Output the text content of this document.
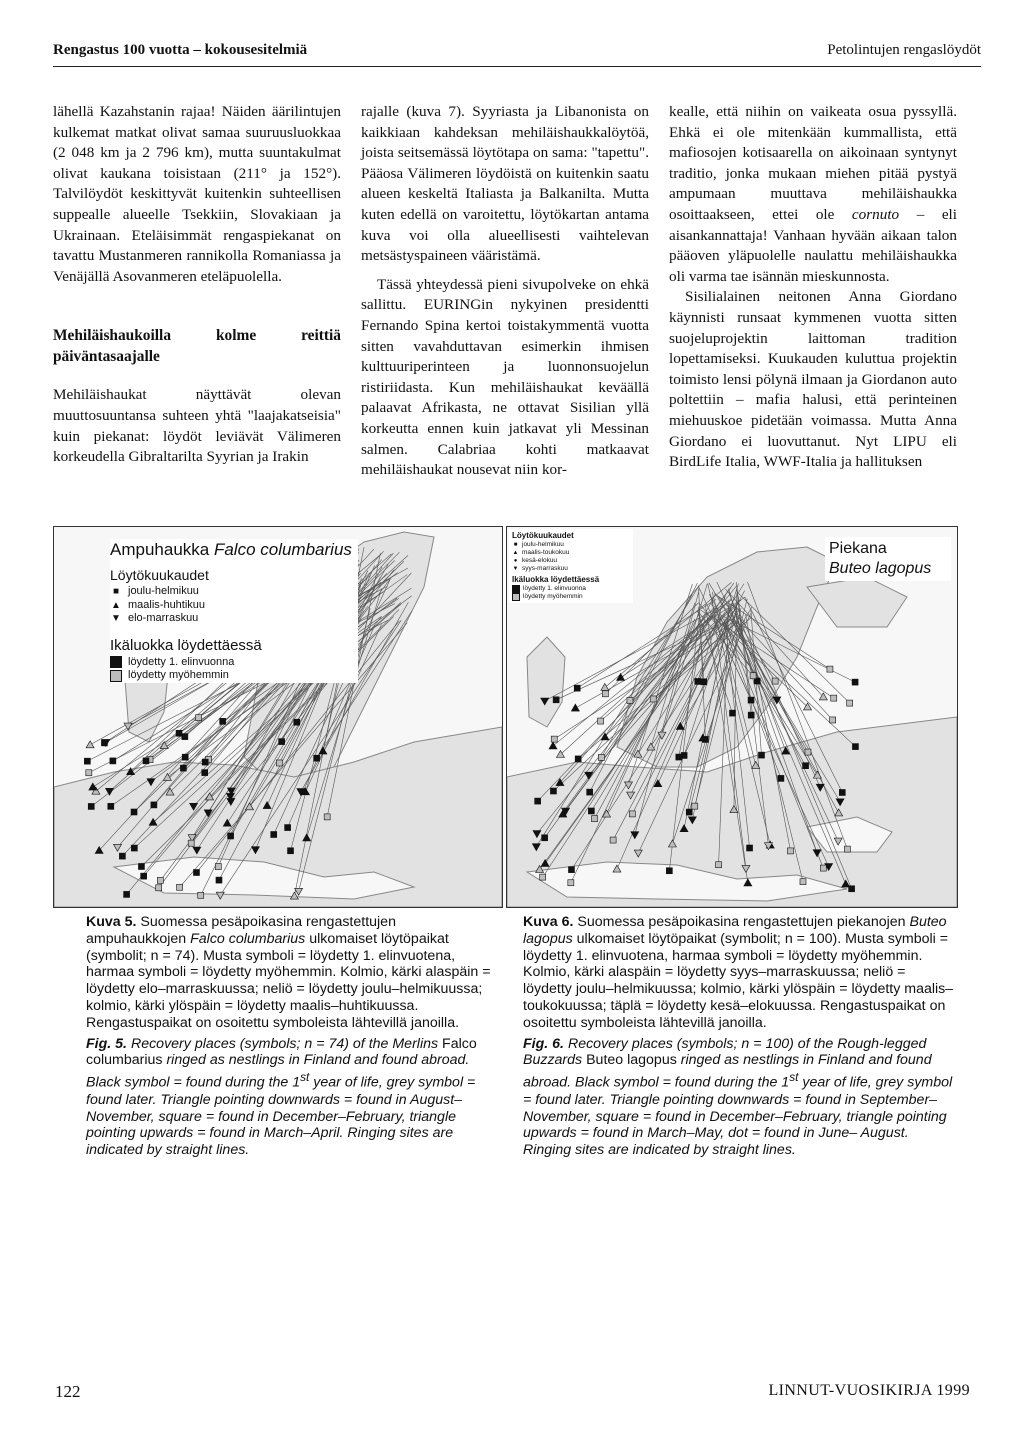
Rengastus 100 vuotta – kokousesitelmiä	Petolintujen rengaslöydöt

lähellä Kazahstanin rajaa! Näiden äärilintujen kulkemat matkat olivat samaa suuruusluokkaa (2 048 km ja 2 796 km), mutta suuntakulmat olivat kaukana toisistaan (211° ja 152°). Talvilöydöt keskittyvät kuitenkin suhteellisen suppealle alueelle Tsekkiin, Slovakiaan ja Ukrainaan. Eteläisimmät rengaspiekanat on tavattu Mustanmeren rannikolla Romaniassa ja Venäjällä Asovanmeren eteläpuolella.

Mehiläishaukoilla kolme reittiä päiväntasaajalle

Mehiläishaukat näyttävät olevan muuttosuuntansa suhteen yhtä "laajakatseisia" kuin piekanat: löydöt leviävät Välimeren korkeudella Gibraltarilta Syyrian ja Irakin

rajalle (kuva 7). Syyriasta ja Libanonista on kaikkiaan kahdeksan mehiläishaukkalöytöä, joista seitsemässä löytötapa on sama: "tapettu". Pääosa Välimeren löydöistä on kuitenkin saatu alueen keskeltä Italiasta ja Balkanilta. Mutta kuten edellä on varoitettu, löytökartan antama kuva voi olla alueellisesti vaihtelevan metsästyspaineen vääristämä.

Tässä yhteydessä pieni sivupolveke on ehkä sallittu. EURINGin nykyinen presidentti Fernando Spina kertoi toistakymmentä vuotta sitten vavahduttavan esimerkin ihmisen kulttuuriperinteen ja luonnonsuojelun ristiriidasta. Kun mehiläishaukat keväällä palaavat Afrikasta, ne ottavat Sisilian yllä korkeutta ennen kuin jatkavat yli Messinan salmen. Calabriaa kohti matkaavat mehiläishaukat nousevat niin kor-

kealle, että niihin on vaikeata osua pyssyllä. Ehkä ei ole mitenkään kummallista, että mafiosojen kotisaarella on aikoinaan syntynyt traditio, jonka mukaan miehen pitää pystyä ampumaan muuttava mehiläishaukka osoittaakseen, ettei ole cornuto – eli aisankannattaja! Vanhaan hyvään aikaan talon pääoven yläpuolelle naulattu mehiläishaukka oli varma tae isännän mieskunnosta.

Sisilialainen neitonen Anna Giordano käynnisti runsaat kymmenen vuotta sitten suojeluprojektin laittoman tradition lopettamiseksi. Kuukauden kuluttua projektin toimisto lensi pölynä ilmaan ja Giordanon auto poltettiin – mafia halusi, että perinteinen miehuuskoe pidetään voimassa. Mutta Anna Giordano ei luovuttanut. Nyt LIPU eli BirdLife Italia, WWF-Italia ja hallituksen

Ampuhaukka Falco columbarius
Löytökuukaudet
■ joulu-helmikuu
▲ maalis-huhtikuu
▼ elo-marraskuu
Ikäluokka löydettäessä
löydetty 1. elinvuonna
löydetty myöhemmin
Löytökuukaudet
■ joulu-helmikuu
▲ maalis-toukokuu
● kesä-elokuu
▼ syys-marraskuu
Ikäluokka löydettäessä
löydetty 1. elinvuonna
löydetty myöhemmin
Piekana
Buteo lagopus

Kuva 5. Suomessa pesäpoikasina rengastettujen ampuhaukkojen Falco columbarius ulkomaiset löytöpaikat (symbolit; n = 74). Musta symboli = löydetty 1. elinvuotena, harmaa symboli = löydetty myöhemmin. Kolmio, kärki alaspäin = löydetty elo–marraskuussa; neliö = löydetty joulu–helmikuussa; kolmio, kärki ylöspäin = löydetty maalis–huhtikuussa. Rengastuspaikat on osoitettu symboleista lähtevillä janoilla.

Fig. 5. Recovery places (symbols; n = 74) of the Merlins Falco columbarius ringed as nestlings in Finland and found abroad. Black symbol = found during the 1st year of life, grey symbol = found later. Triangle pointing downwards = found in August–November, square = found in December–February, triangle pointing upwards = found in March–April. Ringing sites are indicated by straight lines.

Kuva 6. Suomessa pesäpoikasina rengastettujen piekanojen Buteo lagopus ulkomaiset löytöpaikat (symbolit; n = 100). Musta symboli = löydetty 1. elinvuotena, harmaa symboli = löydetty myöhemmin. Kolmio, kärki alaspäin = löydetty syys–marraskuussa; neliö = löydetty joulu–helmikuussa; kolmio, kärki ylöspäin = löydetty maalis–toukokuussa; täplä = löydetty kesä–elokuussa. Rengastuspaikat on osoitettu symboleista lähtevillä janoilla.

Fig. 6. Recovery places (symbols; n = 100) of the Rough-legged Buzzards Buteo lagopus ringed as nestlings in Finland and found abroad. Black symbol = found during the 1st year of life, grey symbol = found later. Triangle pointing downwards = found in September–November, square = found in December–February, triangle pointing upwards = found in March–May, dot = found in June– August. Ringing sites are indicated by straight lines.

122	LINNUT-VUOSIKIRJA 1999
